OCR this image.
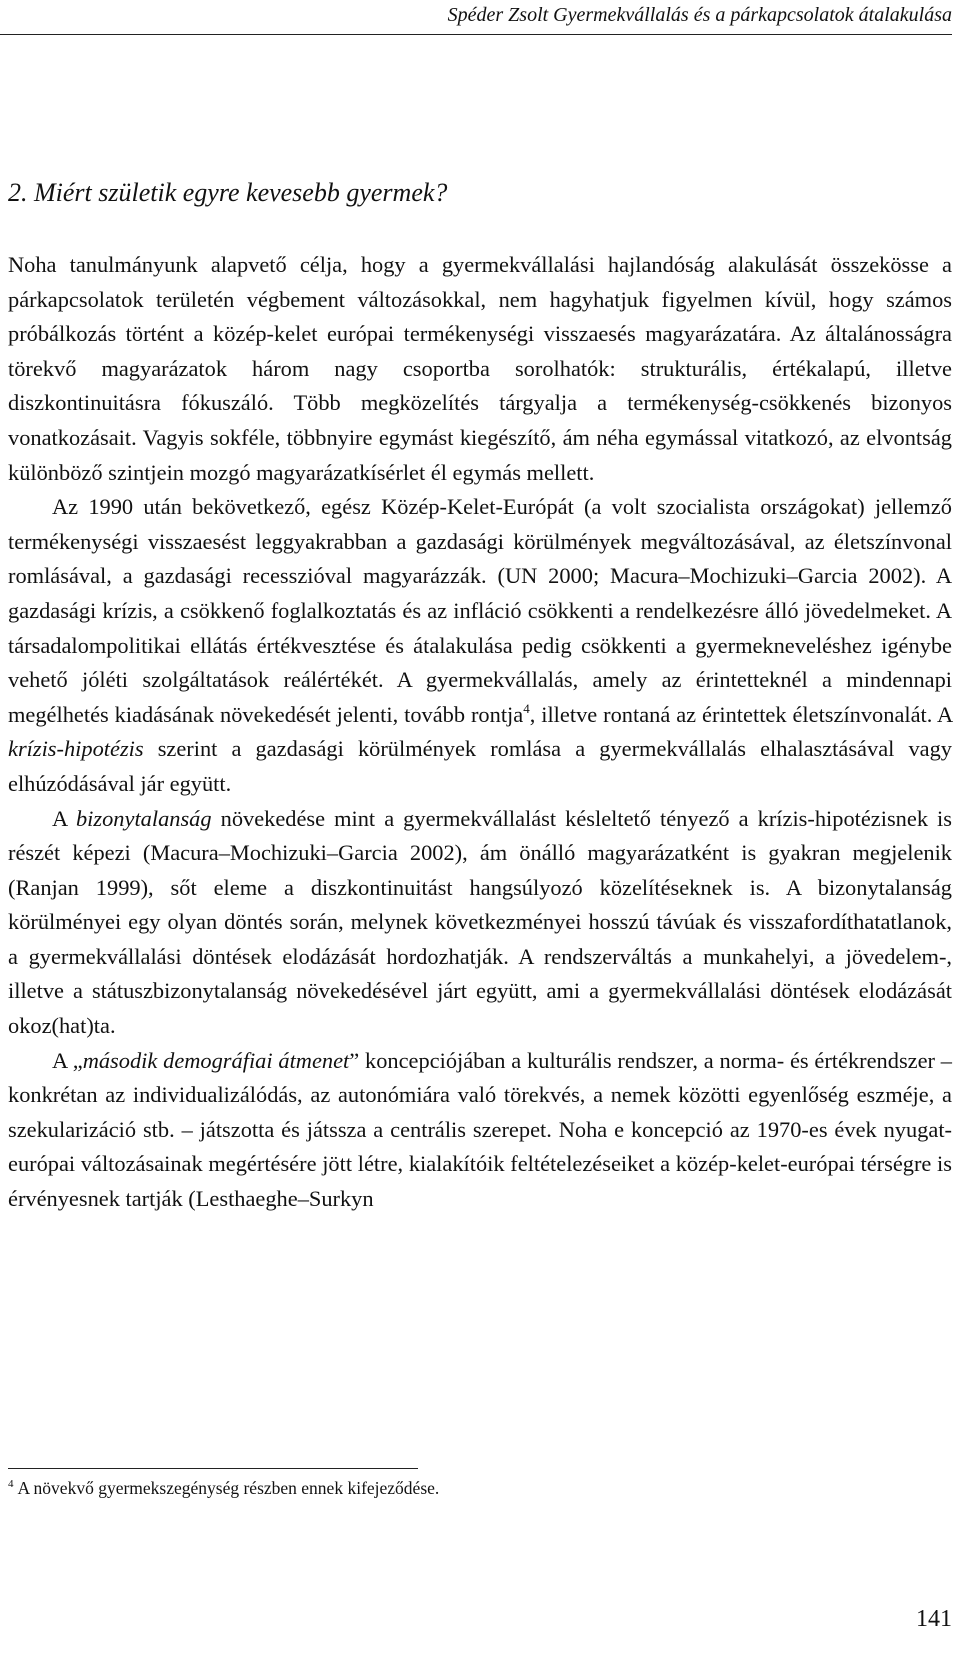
Spéder Zsolt Gyermekvállalás és a párkapcsolatok átalakulása
2. Miért születik egyre kevesebb gyermek?

Noha tanulmányunk alapvető célja, hogy a gyermekvállalási hajlandóság alakulását összekösse a párkapcsolatok területén végbement változásokkal, nem hagyhatjuk figyelmen kívül, hogy számos próbálkozás történt a közép-kelet európai termékenységi visszaesés magyarázatára. Az általánosságra törekvő magyarázatok három nagy csoportba sorolhatók: strukturális, értékalapú, illetve diszkontinuitásra fókuszáló. Több megközelítés tárgyalja a termékenység-csökkenés bizonyos vonatkozásait. Vagyis sokféle, többnyire egymást kiegészítő, ám néha egymással vitatkozó, az elvontság különböző szintjein mozgó magyarázatkísérlet él egymás mellett.

Az 1990 után bekövetkező, egész Közép-Kelet-Európát (a volt szocialista országokat) jellemző termékenységi visszaesést leggyakrabban a gazdasági körülmények megváltozásával, az életszínvonal romlásával, a gazdasági recesszióval magyarázzák. (UN 2000; Macura–Mochizuki–Garcia 2002). A gazdasági krízis, a csökkenő foglalkoztatás és az infláció csökkenti a rendelkezésre álló jövedelmeket. A társadalompolitikai ellátás értékvesztése és átalakulása pedig csökkenti a gyermekneveléshez igénybe vehető jóléti szolgáltatások reálértékét. A gyermekvállalás, amely az érintetteknél a mindennapi megélhetés kiadásának növekedését jelenti, tovább rontja$^4$, illetve rontaná az érintettek életszínvonalát. A krízis-hipotézis szerint a gazdasági körülmények romlása a gyermekvállalás elhalasztásával vagy elhúzódásával jár együtt.

A bizonytalanság növekedése mint a gyermekvállalást késleltető tényező a krízis-hipotézisnek is részét képezi (Macura–Mochizuki–Garcia 2002), ám önálló magyarázatként is gyakran megjelenik (Ranjan 1999), sőt eleme a diszkontinuitást hangsúlyozó közelítéseknek is. A bizonytalanság körülményei egy olyan döntés során, melynek következményei hosszú távúak és visszafordíthatatlanok, a gyermekvállalási döntések elodázását hordozhatják. A rendszerváltás a munkahelyi, a jövedelem-, illetve a státuszbizonytalanság növekedésével járt együtt, ami a gyermekvállalási döntések elodázását okoz(hat)ta.

A „második demográfiai átmenet” koncepciójában a kulturális rendszer, a norma- és értékrendszer – konkrétan az individualizálódás, az autonómiára való törekvés, a nemek közötti egyenlőség eszméje, a szekularizáció stb. – játszotta és játssza a centrális szerepet. Noha e koncepció az 1970-es évek nyugat-európai változásainak megértésére jött létre, kialakítóik feltételezéseiket a közép-kelet-európai térségre is érvényesnek tartják (Lesthaeghe–Surkyn

$^4$ A növekvő gyermekszegénység részben ennek kifejeződése.
141
